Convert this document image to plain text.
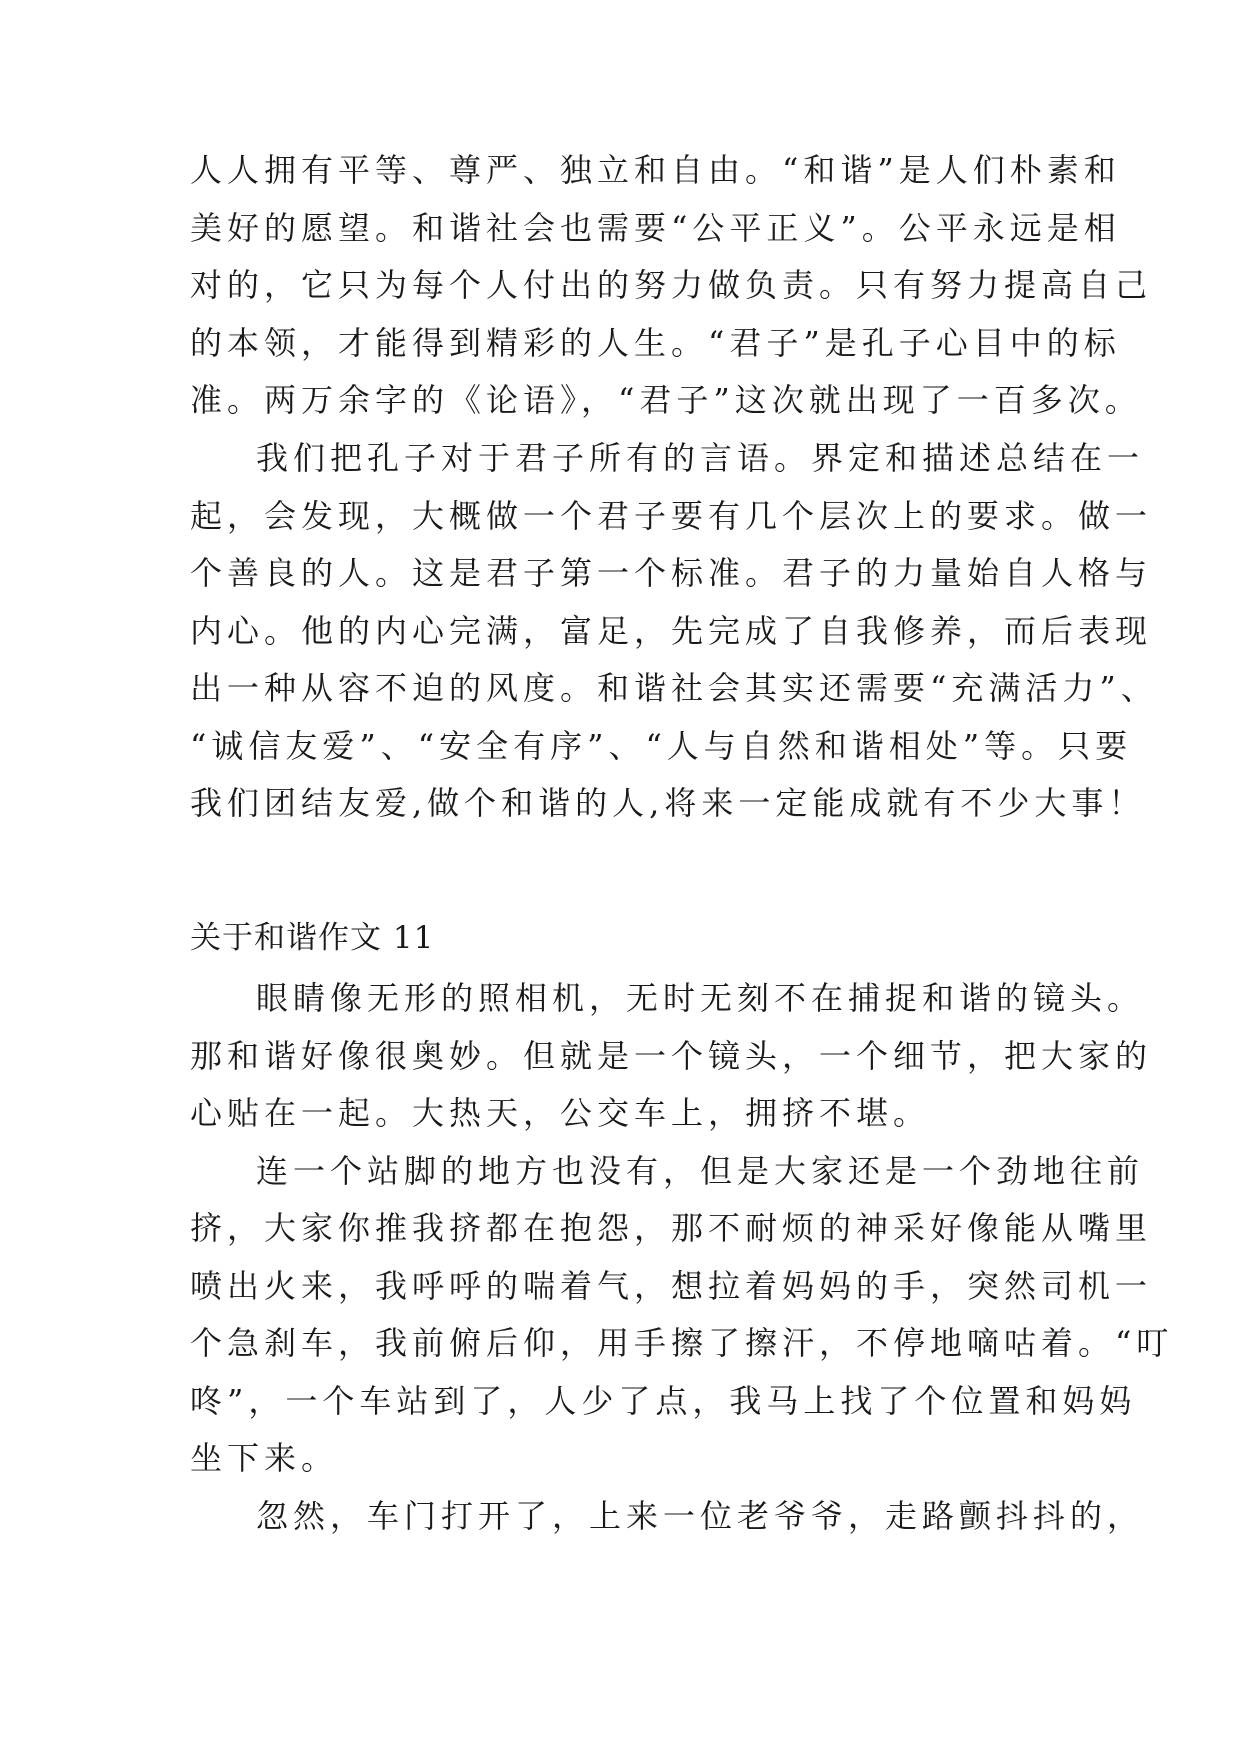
人人拥有平等、尊严、独立和自由。“和谐”是人们朴素和
美好的愿望。和谐社会也需要“公平正义”。公平永远是相
对的，它只为每个人付出的努力做负责。只有努力提高自己
的本领，才能得到精彩的人生。“君子”是孔子心目中的标
准。两万余字的《论语》，“君子”这次就出现了一百多次。
我们把孔子对于君子所有的言语。界定和描述总结在一
起，会发现，大概做一个君子要有几个层次上的要求。做一
个善良的人。这是君子第一个标准。君子的力量始自人格与
内心。他的内心完满，富足，先完成了自我修养，而后表现
出一种从容不迫的风度。和谐社会其实还需要“充满活力”、
“诚信友爱”、“安全有序”、“人与自然和谐相处”等。只要
我们团结友爱,做个和谐的人,将来一定能成就有不少大事！
关于和谐作文 11
眼睛像无形的照相机，无时无刻不在捕捉和谐的镜头。
那和谐好像很奥妙。但就是一个镜头，一个细节，把大家的
心贴在一起。大热天，公交车上，拥挤不堪。
连一个站脚的地方也没有，但是大家还是一个劲地往前
挤，大家你推我挤都在抱怨，那不耐烦的神采好像能从嘴里
喷出火来，我呼呼的喘着气，想拉着妈妈的手，突然司机一
个急刹车，我前俯后仰，用手擦了擦汗，不停地嘀咕着。“叮
咚”，一个车站到了，人少了点，我马上找了个位置和妈妈
坐下来。
忽然，车门打开了，上来一位老爷爷，走路颤抖抖的，
